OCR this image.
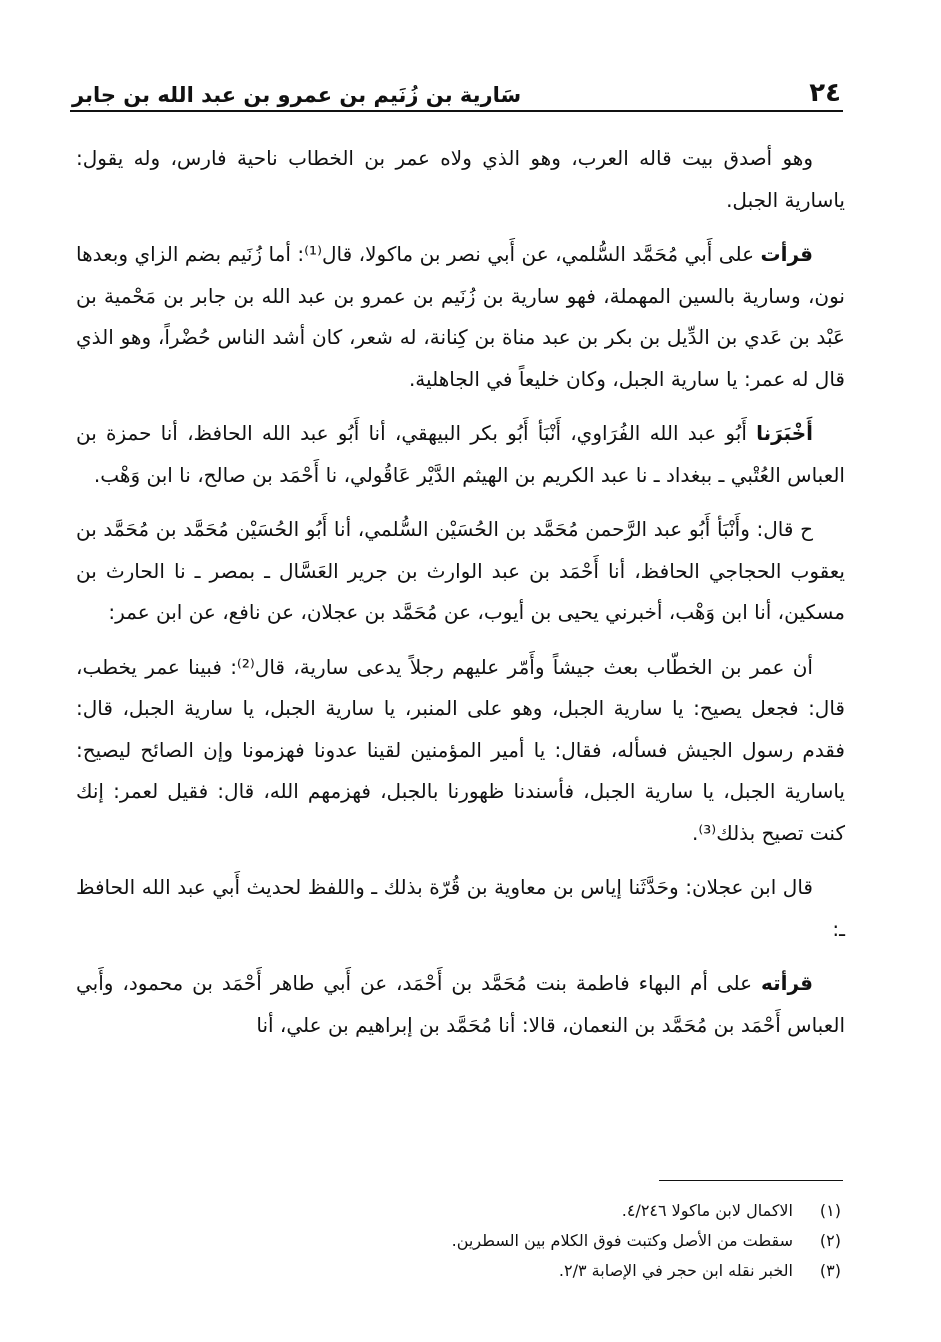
٢٤
سَارية بن زُنَيم بن عمرو بن عبد الله بن جابر

وهو أصدق بيت قاله العرب، وهو الذي ولاه عمر بن الخطاب ناحية فارس، وله يقول: ياسارية الجبل.

قرأت على أَبي مُحَمَّد السُّلمي، عن أَبي نصر بن ماكولا، قال⁽¹⁾: أما زُنَيم بضم الزاي وبعدها نون، وسارية بالسين المهملة، فهو سارية بن زُنَيم بن عمرو بن عبد الله بن جابر بن مَحْمية بن عَبْد بن عَدي بن الدِّيل بن بكر بن عبد مناة بن كِنانة، له شعر، كان أشد الناس حُضْراً، وهو الذي قال له عمر: يا سارية الجبل، وكان خليعاً في الجاهلية.

أَخْبَرَنا أَبُو عبد الله الفُرَاوي، أَنْبَأ أَبُو بكر البيهقي، أنا أَبُو عبد الله الحافظ، أنا حمزة بن العباس العُتْبي ـ ببغداد ـ نا عبد الكريم بن الهيثم الدَّيْر عَاقُولي، نا أَحْمَد بن صالح، نا ابن وَهْب.

ح قال: وأَنْبَأ أَبُو عبد الرَّحمن مُحَمَّد بن الحُسَيْن السُّلمي، أنا أَبُو الحُسَيْن مُحَمَّد بن مُحَمَّد بن يعقوب الحجاجي الحافظ، أنا أَحْمَد بن عبد الوارث بن جرير العَسَّال ـ بمصر ـ نا الحارث بن مسكين، أنا ابن وَهْب، أخبرني يحيى بن أيوب، عن مُحَمَّد بن عجلان، عن نافع، عن ابن عمر:

أن عمر بن الخطّاب بعث جيشاً وأَمّر عليهم رجلاً يدعى سارية، قال⁽²⁾: فبينا عمر يخطب، قال: فجعل يصيح: يا سارية الجبل، وهو على المنبر، يا سارية الجبل، يا سارية الجبل، قال: فقدم رسول الجيش فسأله، فقال: يا أمير المؤمنين لقينا عدونا فهزمونا وإن الصائح ليصيح: ياسارية الجبل، يا سارية الجبل، فأسندنا ظهورنا بالجبل، فهزمهم الله، قال: فقيل لعمر: إنك كنت تصيح بذلك⁽³⁾.

قال ابن عجلان: وحَدَّثَنا إياس بن معاوية بن قُرّة بذلك ـ واللفظ لحديث أَبي عبد الله الحافظ ـ:

قرأته على أم البهاء فاطمة بنت مُحَمَّد بن أَحْمَد، عن أَبي طاهر أَحْمَد بن محمود، وأَبي العباس أَحْمَد بن مُحَمَّد بن النعمان، قالا: أنا مُحَمَّد بن إبراهيم بن علي، أنا

(١)
الاكمال لابن ماكولا ٤/٢٤٦.
(٢)
سقطت من الأصل وكتبت فوق الكلام بين السطرين.
(٣)
الخبر نقله ابن حجر في الإصابة ٢/٣.
